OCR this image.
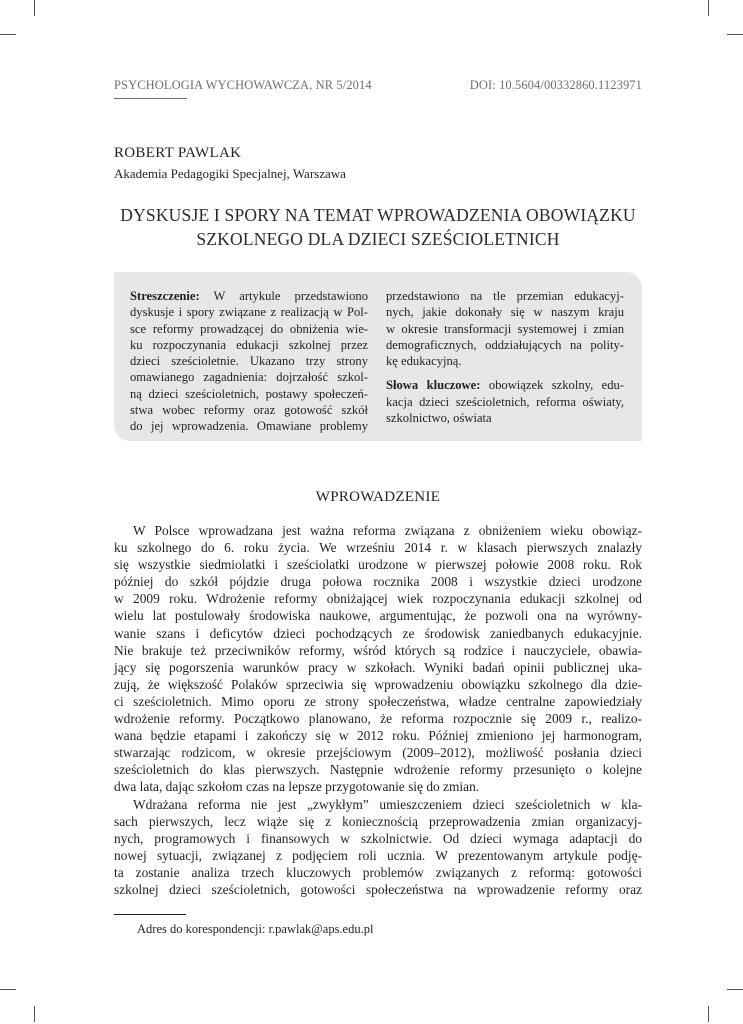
PSYCHOLOGIA WYCHOWAWCZA, NR 5/2014	DOI: 10.5604/00332860.1123971
ROBERT PAWLAK
Akademia Pedagogiki Specjalnej, Warszawa
DYSKUSJE I SPORY NA TEMAT WPROWADZENIA OBOWIĄZKU
SZKOLNEGO DLA DZIECI SZEŚCIOLETNICH
Streszczenie: W artykule przedstawiono
dyskusje i spory związane z realizacją w Pol-
sce reformy prowadzącej do obniżenia wie-
ku rozpoczynania edukacji szkolnej przez
dzieci sześcioletnie. Ukazano trzy strony
omawianego zagadnienia: dojrzałość szkol-
ną dzieci sześcioletnich, postawy społeczeń-
stwa wobec reformy oraz gotowość szkół
do jej wprowadzenia. Omawiane problemy
przedstawiono na tle przemian edukacyj-
nych, jakie dokonały się w naszym kraju
w okresie transformacji systemowej i zmian
demograficznych, oddziałujących na polity-
kę edukacyjną.
Słowa kluczowe: obowiązek szkolny, edu-
kacja dzieci sześcioletnich, reforma oświaty,
szkolnictwo, oświata
WPROWADZENIE
W Polsce wprowadzana jest ważna reforma związana z obniżeniem wieku obowiąz-
ku szkolnego do 6. roku życia. We wrześniu 2014 r. w klasach pierwszych znalazły
się wszystkie siedmiolatki i sześciolatki urodzone w pierwszej połowie 2008 roku. Rok
później do szkół pójdzie druga połowa rocznika 2008 i wszystkie dzieci urodzone
w 2009 roku. Wdrożenie reformy obniżającej wiek rozpoczynania edukacji szkolnej od
wielu lat postulowały środowiska naukowe, argumentując, że pozwoli ona na wyrówny-
wanie szans i deficytów dzieci pochodzących ze środowisk zaniedbanych edukacyjnie.
Nie brakuje też przeciwników reformy, wśród których są rodzice i nauczyciele, obawia-
jący się pogorszenia warunków pracy w szkołach. Wyniki badań opinii publicznej uka-
zują, że większość Polaków sprzeciwia się wprowadzeniu obowiązku szkolnego dla dzie-
ci sześcioletnich. Mimo oporu ze strony społeczeństwa, władze centralne zapowiedziały
wdrożenie reformy. Początkowo planowano, że reforma rozpocznie się 2009 r., realizo-
wana będzie etapami i zakończy się w 2012 roku. Później zmieniono jej harmonogram,
stwarzając rodzicom, w okresie przejściowym (2009–2012), możliwość posłania dzieci
sześcioletnich do klas pierwszych. Następnie wdrożenie reformy przesunięto o kolejne
dwa lata, dając szkołom czas na lepsze przygotowanie się do zmian.
Wdrażana reforma nie jest „zwykłym” umieszczeniem dzieci sześcioletnich w kla-
sach pierwszych, lecz wiąże się z koniecznością przeprowadzenia zmian organizacyj-
nych, programowych i finansowych w szkolnictwie. Od dzieci wymaga adaptacji do
nowej sytuacji, związanej z podjęciem roli ucznia. W prezentowanym artykule podję-
ta zostanie analiza trzech kluczowych problemów związanych z reformą: gotowości
szkolnej dzieci sześcioletnich, gotowości społeczeństwa na wprowadzenie reformy oraz
Adres do korespondencji: r.pawlak@aps.edu.pl
